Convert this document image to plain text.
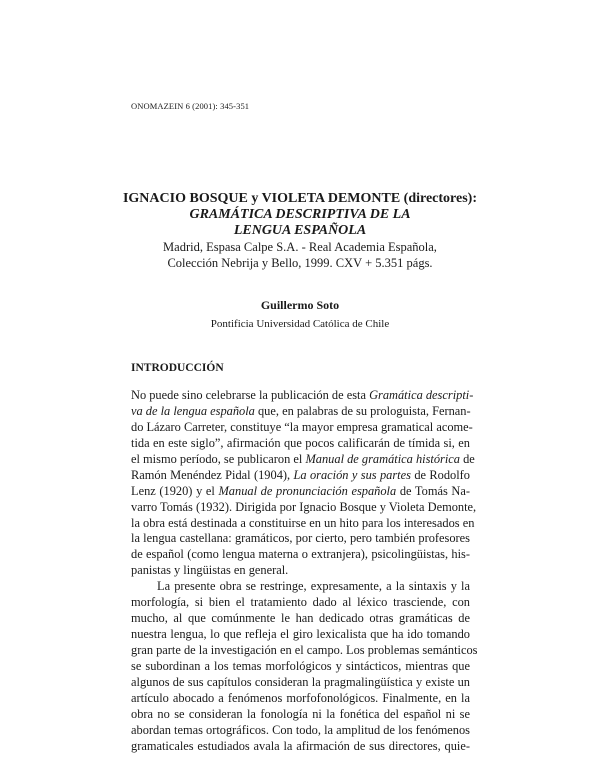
ONOMAZEIN 6 (2001): 345-351
IGNACIO BOSQUE y VIOLETA DEMONTE (directores):
GRAMÁTICA DESCRIPTIVA DE LA
LENGUA ESPAÑOLA
Madrid, Espasa Calpe S.A. - Real Academia Española,
Colección Nebrija y Bello, 1999. CXV + 5.351 págs.
Guillermo Soto
Pontificia Universidad Católica de Chile
INTRODUCCIÓN
No puede sino celebrarse la publicación de esta Gramática descripti-
va de la lengua española que, en palabras de su prologuista, Fernan-
do Lázaro Carreter, constituye “la mayor empresa gramatical acome-
tida en este siglo”, afirmación que pocos calificarán de tímida si, en
el mismo período, se publicaron el Manual de gramática histórica de
Ramón Menéndez Pidal (1904), La oración y sus partes de Rodolfo
Lenz (1920) y el Manual de pronunciación española de Tomás Na-
varro Tomás (1932). Dirigida por Ignacio Bosque y Violeta Demonte,
la obra está destinada a constituirse en un hito para los interesados en
la lengua castellana: gramáticos, por cierto, pero también profesores
de español (como lengua materna o extranjera), psicolingüistas, his-
panistas y lingüistas en general.
La presente obra se restringe, expresamente, a la sintaxis y la
morfología, si bien el tratamiento dado al léxico trasciende, con
mucho, al que comúnmente le han dedicado otras gramáticas de
nuestra lengua, lo que refleja el giro lexicalista que ha ido tomando
gran parte de la investigación en el campo. Los problemas semánticos
se subordinan a los temas morfológicos y sintácticos, mientras que
algunos de sus capítulos consideran la pragmalingüística y existe un
artículo abocado a fenómenos morfofonológicos. Finalmente, en la
obra no se consideran la fonología ni la fonética del español ni se
abordan temas ortográficos. Con todo, la amplitud de los fenómenos
gramaticales estudiados avala la afirmación de sus directores, quie-
